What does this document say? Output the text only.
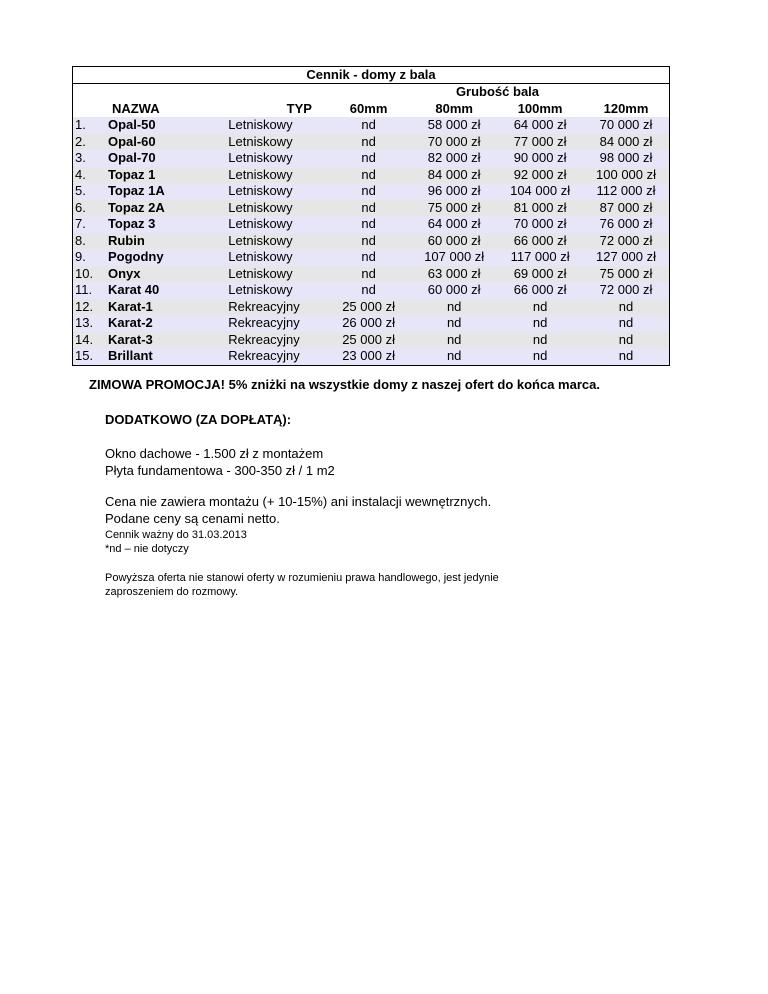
Cennik - domy z bala						
			Grubość bala			
	NAZWA	TYP	60mm	80mm	100mm	120mm
1.	Opal-50	Letniskowy	nd	58 000 zł	64 000 zł	70 000 zł
2.	Opal-60	Letniskowy	nd	70 000 zł	77 000 zł	84 000 zł
3.	Opal-70	Letniskowy	nd	82 000 zł	90 000 zł	98 000 zł
4.	Topaz 1	Letniskowy	nd	84 000 zł	92 000 zł	100 000 zł
5.	Topaz 1A	Letniskowy	nd	96 000 zł	104 000 zł	112 000 zł
6.	Topaz 2A	Letniskowy	nd	75 000 zł	81 000 zł	87 000 zł
7.	Topaz 3	Letniskowy	nd	64 000 zł	70 000 zł	76 000 zł
8.	Rubin	Letniskowy	nd	60 000 zł	66 000 zł	72 000 zł
9.	Pogodny	Letniskowy	nd	107 000 zł	117 000 zł	127 000 zł
10.	Onyx	Letniskowy	nd	63 000 zł	69 000 zł	75 000 zł
11.	Karat 40	Letniskowy	nd	60 000 zł	66 000 zł	72 000 zł
12.	Karat-1	Rekreacyjny	25 000 zł	nd	nd	nd
13.	Karat-2	Rekreacyjny	26 000 zł	nd	nd	nd
14.	Karat-3	Rekreacyjny	25 000 zł	nd	nd	nd
15.	Brillant	Rekreacyjny	23 000 zł	nd	nd	nd
ZIMOWA PROMOCJA! 5% zniżki na wszystkie domy z naszej ofert do końca marca.
DODATKOWO (ZA DOPŁATĄ):
Okno dachowe - 1.500 zł z montażem
Płyta fundamentowa - 300-350 zł / 1 m2
Cena nie zawiera montażu (+ 10-15%) ani instalacji wewnętrznych.
Podane ceny są cenami netto.
Cennik ważny do 31.03.2013
*nd – nie dotyczy
Powyższa oferta nie stanowi oferty w rozumieniu prawa handlowego, jest jedynie
zaproszeniem do rozmowy.
